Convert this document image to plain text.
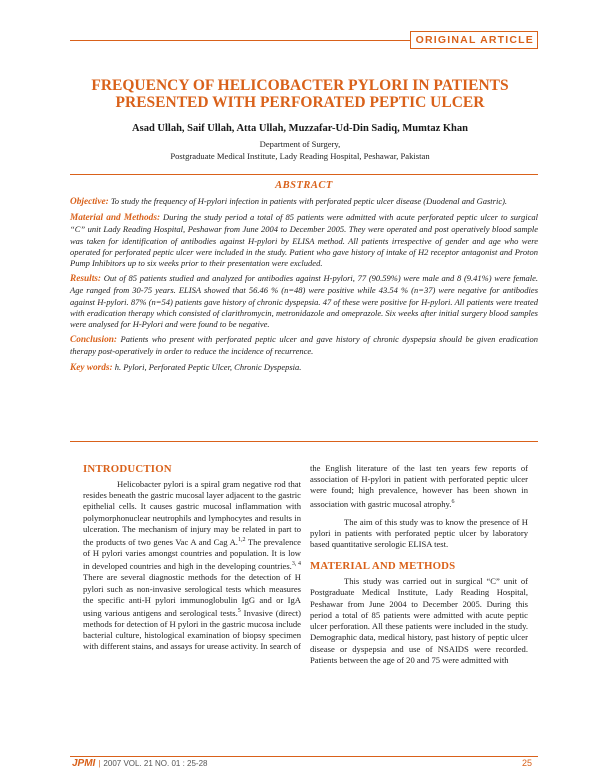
ORIGINAL ARTICLE
FREQUENCY OF HELICOBACTER PYLORI IN PATIENTS PRESENTED WITH PERFORATED PEPTIC ULCER

Asad Ullah, Saif Ullah, Atta Ullah, Muzzafar-Ud-Din Sadiq, Mumtaz Khan

Department of Surgery,
Postgraduate Medical Institute, Lady Reading Hospital, Peshawar, Pakistan
ABSTRACT

Objective: To study the frequency of H-pylori infection in patients with perforated peptic ulcer disease (Duodenal and Gastric).

Material and Methods: During the study period a total of 85 patients were admitted with acute perforated peptic ulcer to surgical “C” unit Lady Reading Hospital, Peshawar from June 2004 to December 2005. They were operated and post operatively blood sample was taken for identification of antibodies against H-pylori by ELISA method. All patients irrespective of gender and age who were operated for perforated peptic ulcer were included in the study. Patient who gave history of intake of H2 receptor antagonist and Proton Pump Inhibitors up to six weeks prior to their presentation were excluded.

Results: Out of 85 patients studied and analyzed for antibodies against H-pylori, 77 (90.59%) were male and 8 (9.41%) were female. Age ranged from 30-75 years. ELISA showed that 56.46 % (n=48) were positive while 43.54 % (n=37) were negative for antibodies against H-pylori. 87% (n=54) patients gave history of chronic dyspepsia. 47 of these were positive for H-pylori. All patients were treated with eradication therapy which consisted of clarithromycin, metronidazole and omeprazole. Six weeks after initial surgery blood samples were analysed for H-Pylori and were found to be negative.

Conclusion: Patients who present with perforated peptic ulcer and gave history of chronic dyspepsia should be given eradication therapy post-operatively in order to reduce the incidence of recurrence.

Key words: h. Pylori, Perforated Peptic Ulcer, Chronic Dyspepsia.

INTRODUCTION

Helicobacter pylori is a spiral gram negative rod that resides beneath the gastric mucosal layer adjacent to the gastric epithelial cells. It causes gastric mucosal inflammation with polymorphonuclear neutrophils and lymphocytes and results in ulceration. The mechanism of injury may be related in part to the products of two genes Vac A and Cag A.$^{1,2}$ The prevalence of H pylori varies amongst countries and population. It is low in developed countries and high in the developing countries.$^{3, 4}$ There are several diagnostic methods for the detection of H pylori such as non-invasive serological tests which measures the specific anti-H pylori immunoglobulin IgG and or IgA using various antigens and serological tests.$^5$ Invasive (direct) methods for detection of H pylori in the gastric mucosa include bacterial culture, histological examination of biopsy specimen with different stains, and assays for urease activity. In search of

the English literature of the last ten years few reports of association of H-pylori in patient with perforated peptic ulcer were found; high prevalence, however has been shown in association with gastric mucosal atrophy.$^6$

The aim of this study was to know the presence of H pylori in patients with perforated peptic ulcer by laboratory based quantitative serologic ELISA test.

MATERIAL AND METHODS

This study was carried out in surgical “C” unit of Postgraduate Medical Institute, Lady Reading Hospital, Peshawar from June 2004 to December 2005. During this period a total of 85 patients were admitted with acute peptic ulcer perforation. All these patients were included in the study. Demographic data, medical history, past history of peptic ulcer disease or dyspepsia and use of NSAIDS were recorded. Patients between the age of 20 and 75 were admitted with

JPMI | 2007 VOL. 21 NO. 01 : 25-28	25
